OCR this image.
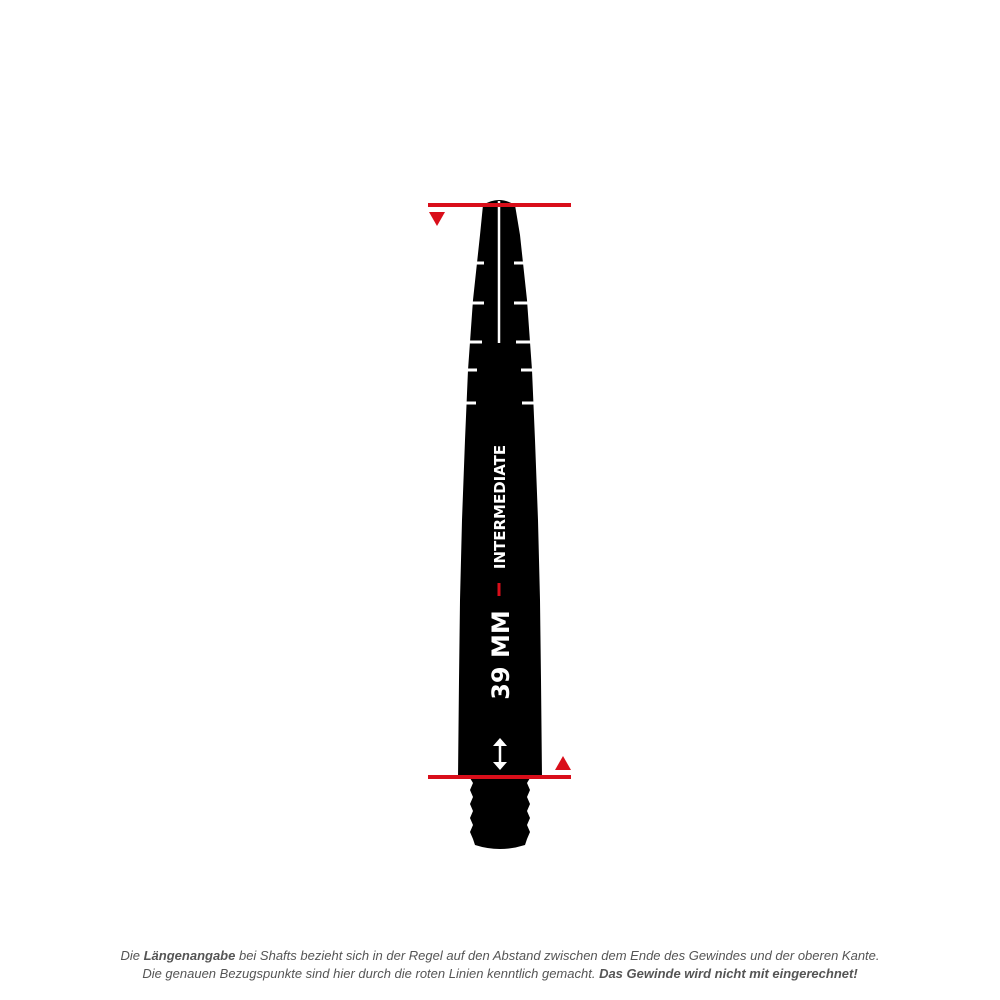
INTERMEDIATE
39 MM
Die Längenangabe bei Shafts bezieht sich in der Regel auf den Abstand zwischen dem Ende des Gewindes und der oberen Kante.
Die genauen Bezugspunkte sind hier durch die roten Linien kenntlich gemacht. Das Gewinde wird nicht mit eingerechnet!
